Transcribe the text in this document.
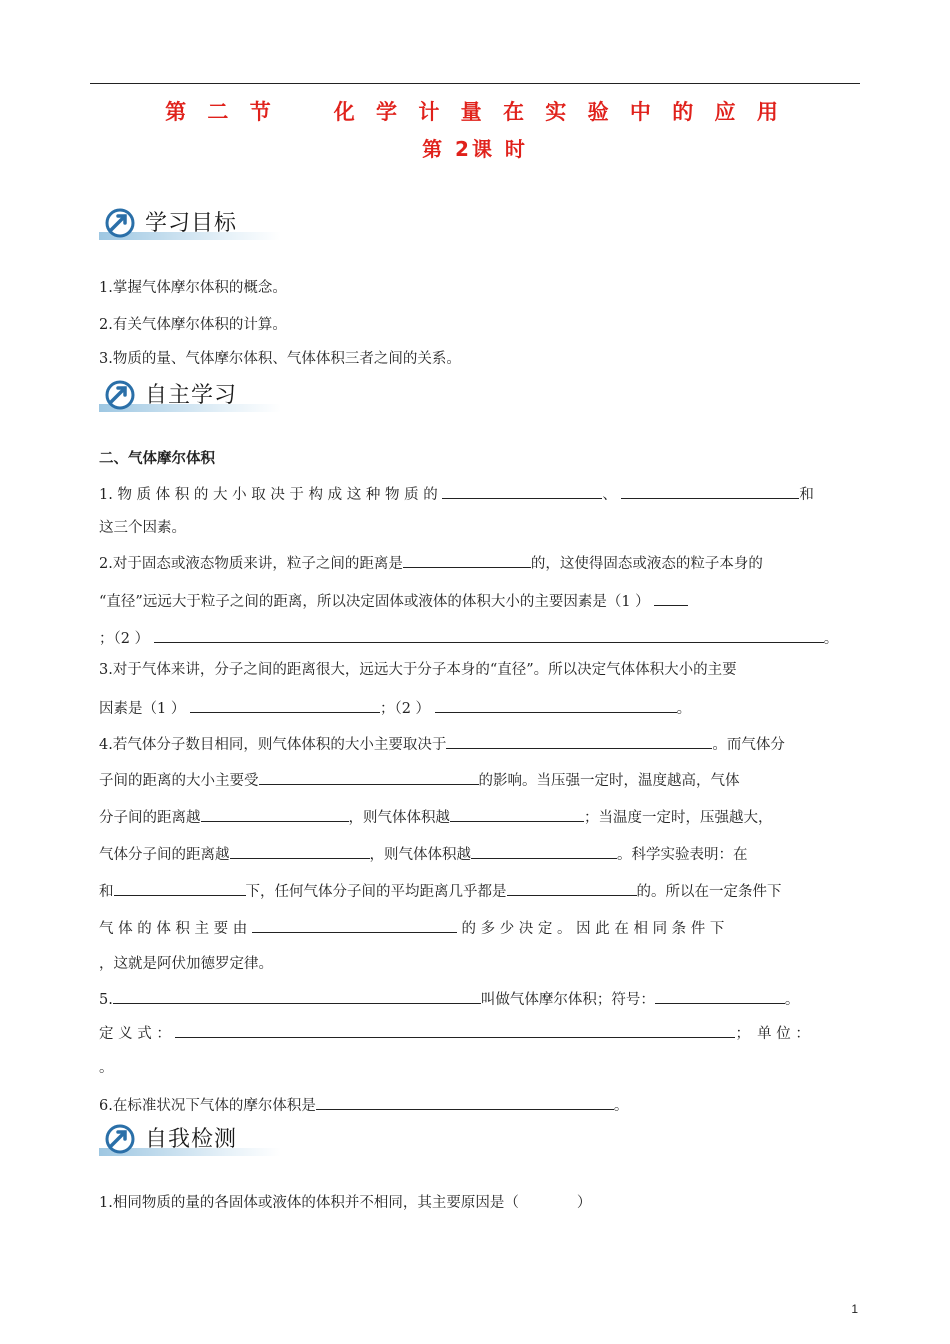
第 二 节　　化 学 计 量 在 实 验 中 的 应 用
第 2课 时
学习目标
1.掌握气体摩尔体积的概念。
2.有关气体摩尔体积的计算。
3.物质的量、气体摩尔体积、气体体积三者之间的关系。
自主学习
二、气体摩尔体积
1. 物 质 体 积 的 大 小 取 决 于 构 成 这 种 物 质 的	、	和
这三个因素。
2.对于固态或液态物质来讲，粒子之间的距离是	的，这使得固态或液态的粒子本身的
“直径”远远大于粒子之间的距离，所以决定固体或液体的体积大小的主要因素是（1 ）
；（2 ）	。
3.对于气体来讲，分子之间的距离很大，远远大于分子本身的“直径”。所以决定气体体积大小的主要
因素是（1 ）	；（2 ）	。
4.若气体分子数目相同，则气体体积的大小主要取决于	。而气体分
子间的距离的大小主要受	的影响。当压强一定时，温度越高，气体
分子间的距离越	，则气体体积越	；当温度一定时，压强越大，
气体分子间的距离越	，则气体体积越	。科学实验表明：在
和	下，任何气体分子间的平均距离几乎都是	的。所以在一定条件下
气 体 的 体 积 主 要 由	的 多 少 决 定 。 因 此 在 相 同 条 件 下
，这就是阿伏加德罗定律。
5.	叫做气体摩尔体积；符号：	。
定 义 式 ：	；　单 位 ：
。
6.在标准状况下气体的摩尔体积是	。
自我检测
1.相同物质的量的各固体或液体的体积并不相同，其主要原因是（　　　　）
1
